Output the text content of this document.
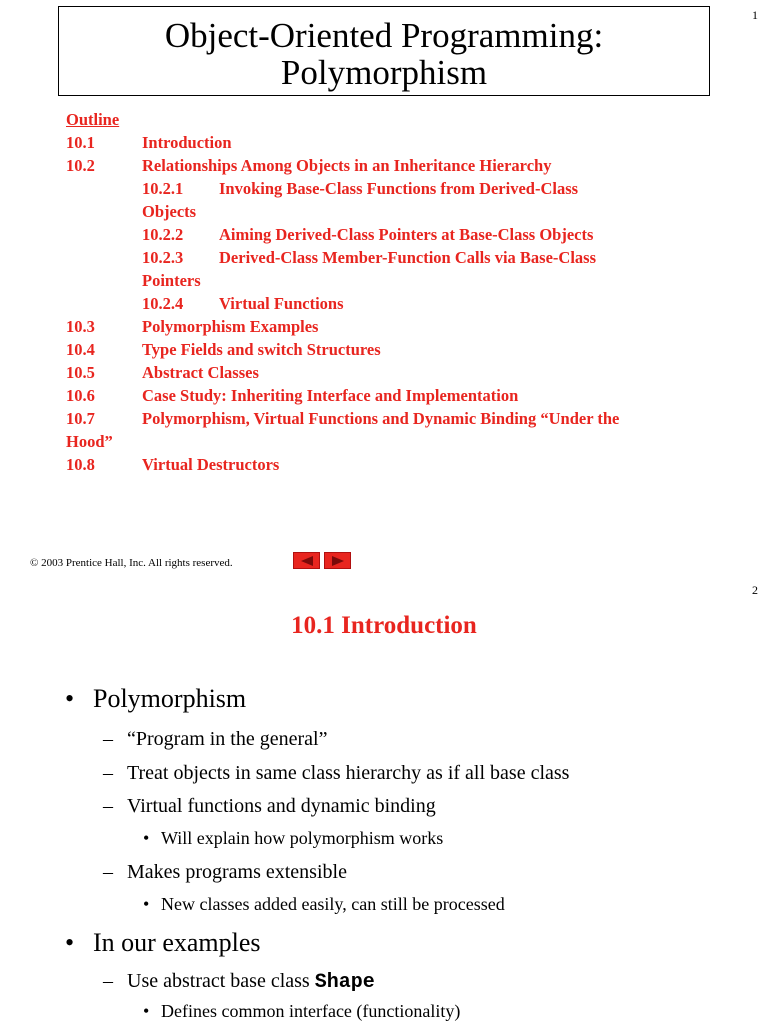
1
Object-Oriented Programming:
Polymorphism
Outline
10.1	Introduction
10.2	Relationships Among Objects in an Inheritance Hierarchy
10.2.1 Invoking Base-Class Functions from Derived-Class
Objects
10.2.2 Aiming Derived-Class Pointers at Base-Class Objects
10.2.3 Derived-Class Member-Function Calls via Base-Class
Pointers
10.2.4 Virtual Functions
10.3	Polymorphism Examples
10.4	Type Fields and switch Structures
10.5	Abstract Classes
10.6	Case Study: Inheriting Interface and Implementation
10.7	Polymorphism, Virtual Functions and Dynamic Binding “Under the
Hood”
10.8	Virtual Destructors
© 2003 Prentice Hall, Inc. All rights reserved.
2
10.1 Introduction
• Polymorphism
– “Program in the general”
– Treat objects in same class hierarchy as if all base class
– Virtual functions and dynamic binding
• Will explain how polymorphism works
– Makes programs extensible
• New classes added easily, can still be processed
• In our examples
– Use abstract base class Shape
• Defines common interface (functionality)
